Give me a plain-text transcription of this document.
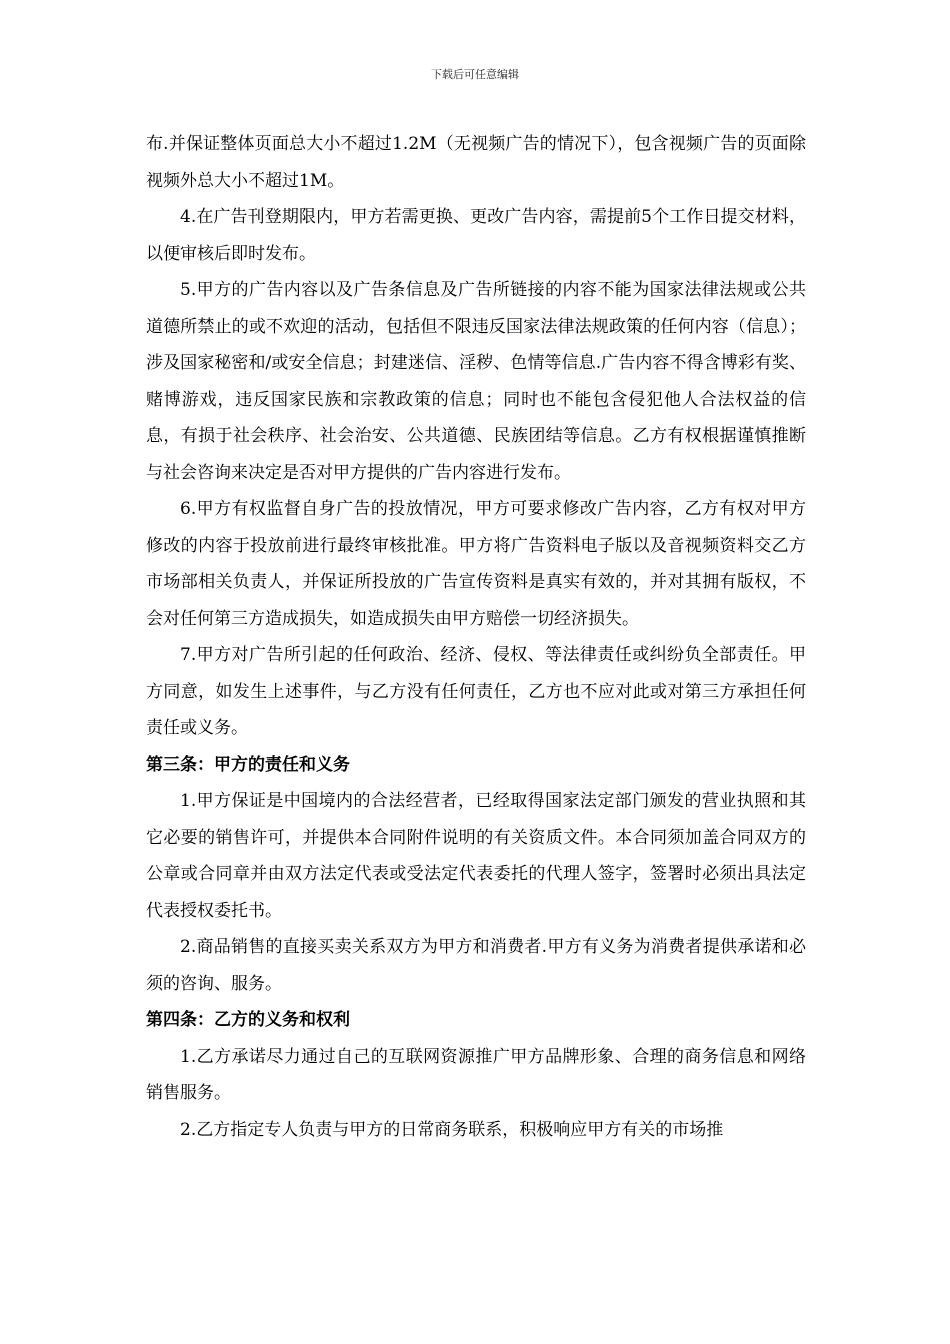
下载后可任意编辑

布.并保证整体页面总大小不超过1.2M（无视频广告的情况下），包含视频广告的页面除视频外总大小不超过1M。

4.在广告刊登期限内，甲方若需更换、更改广告内容，需提前5个工作日提交材料，以便审核后即时发布。

5.甲方的广告内容以及广告条信息及广告所链接的内容不能为国家法律法规或公共道德所禁止的或不欢迎的活动，包括但不限违反国家法律法规政策的任何内容（信息）；涉及国家秘密和/或安全信息；封建迷信、淫秽、色情等信息.广告内容不得含博彩有奖、赌博游戏，违反国家民族和宗教政策的信息；同时也不能包含侵犯他人合法权益的信息，有损于社会秩序、社会治安、公共道德、民族团结等信息。乙方有权根据谨慎推断与社会咨询来决定是否对甲方提供的广告内容进行发布。

6.甲方有权监督自身广告的投放情况，甲方可要求修改广告内容，乙方有权对甲方修改的内容于投放前进行最终审核批准。甲方将广告资料电子版以及音视频资料交乙方市场部相关负责人，并保证所投放的广告宣传资料是真实有效的，并对其拥有版权，不会对任何第三方造成损失，如造成损失由甲方赔偿一切经济损失。

7.甲方对广告所引起的任何政治、经济、侵权、等法律责任或纠纷负全部责任。甲方同意，如发生上述事件，与乙方没有任何责任，乙方也不应对此或对第三方承担任何责任或义务。

第三条：甲方的责任和义务

1.甲方保证是中国境内的合法经营者，已经取得国家法定部门颁发的营业执照和其它必要的销售许可，并提供本合同附件说明的有关资质文件。本合同须加盖合同双方的公章或合同章并由双方法定代表或受法定代表委托的代理人签字，签署时必须出具法定代表授权委托书。

2.商品销售的直接买卖关系双方为甲方和消费者.甲方有义务为消费者提供承诺和必须的咨询、服务。

第四条：乙方的义务和权利

1.乙方承诺尽力通过自己的互联网资源推广甲方品牌形象、合理的商务信息和网络销售服务。

2.乙方指定专人负责与甲方的日常商务联系，积极响应甲方有关的市场推
